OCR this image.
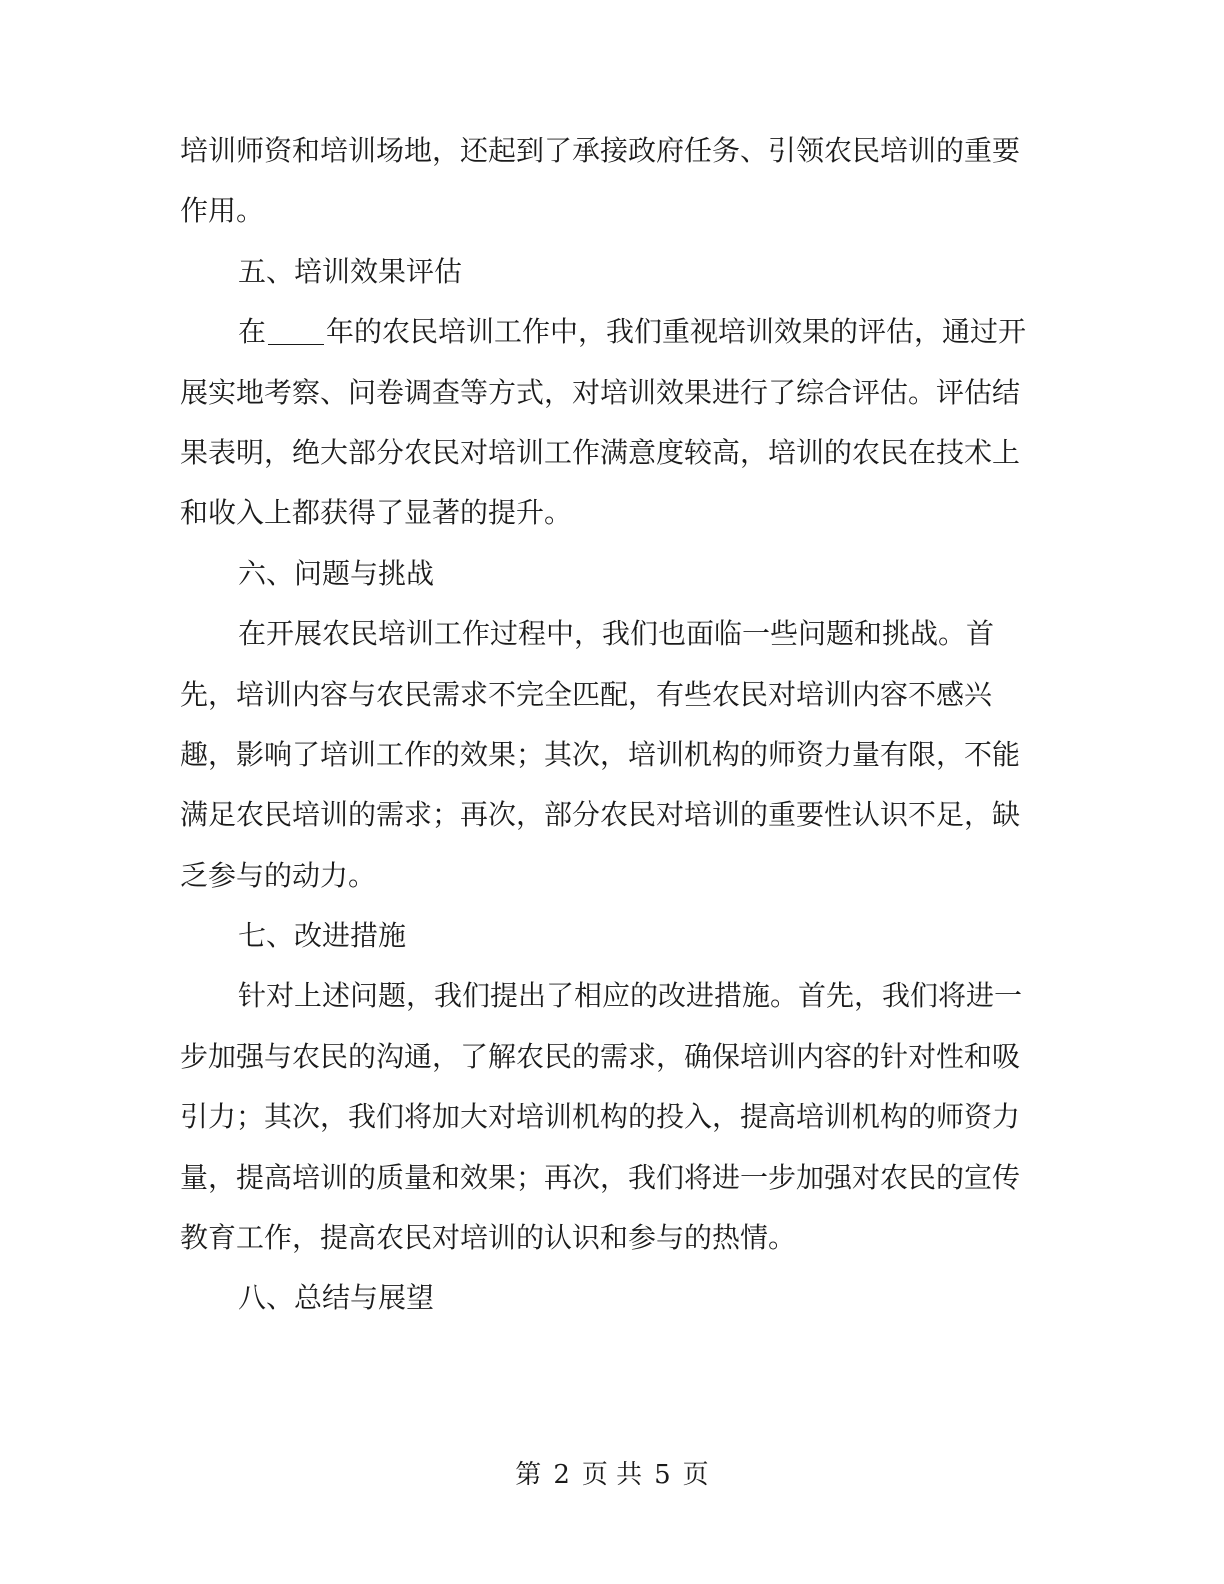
培训师资和培训场地，还起到了承接政府任务、引领农民培训的重要
作用。
五、培训效果评估
在 年的农民培训工作中，我们重视培训效果的评估，通过开
展实地考察、问卷调查等方式，对培训效果进行了综合评估。评估结
果表明，绝大部分农民对培训工作满意度较高，培训的农民在技术上
和收入上都获得了显著的提升。
六、问题与挑战
在开展农民培训工作过程中，我们也面临一些问题和挑战。首
先，培训内容与农民需求不完全匹配，有些农民对培训内容不感兴
趣，影响了培训工作的效果；其次，培训机构的师资力量有限，不能
满足农民培训的需求；再次，部分农民对培训的重要性认识不足，缺
乏参与的动力。
七、改进措施
针对上述问题，我们提出了相应的改进措施。首先，我们将进一
步加强与农民的沟通，了解农民的需求，确保培训内容的针对性和吸
引力；其次，我们将加大对培训机构的投入，提高培训机构的师资力
量，提高培训的质量和效果；再次，我们将进一步加强对农民的宣传
教育工作，提高农民对培训的认识和参与的热情。
八、总结与展望
第 2 页 共 5 页
